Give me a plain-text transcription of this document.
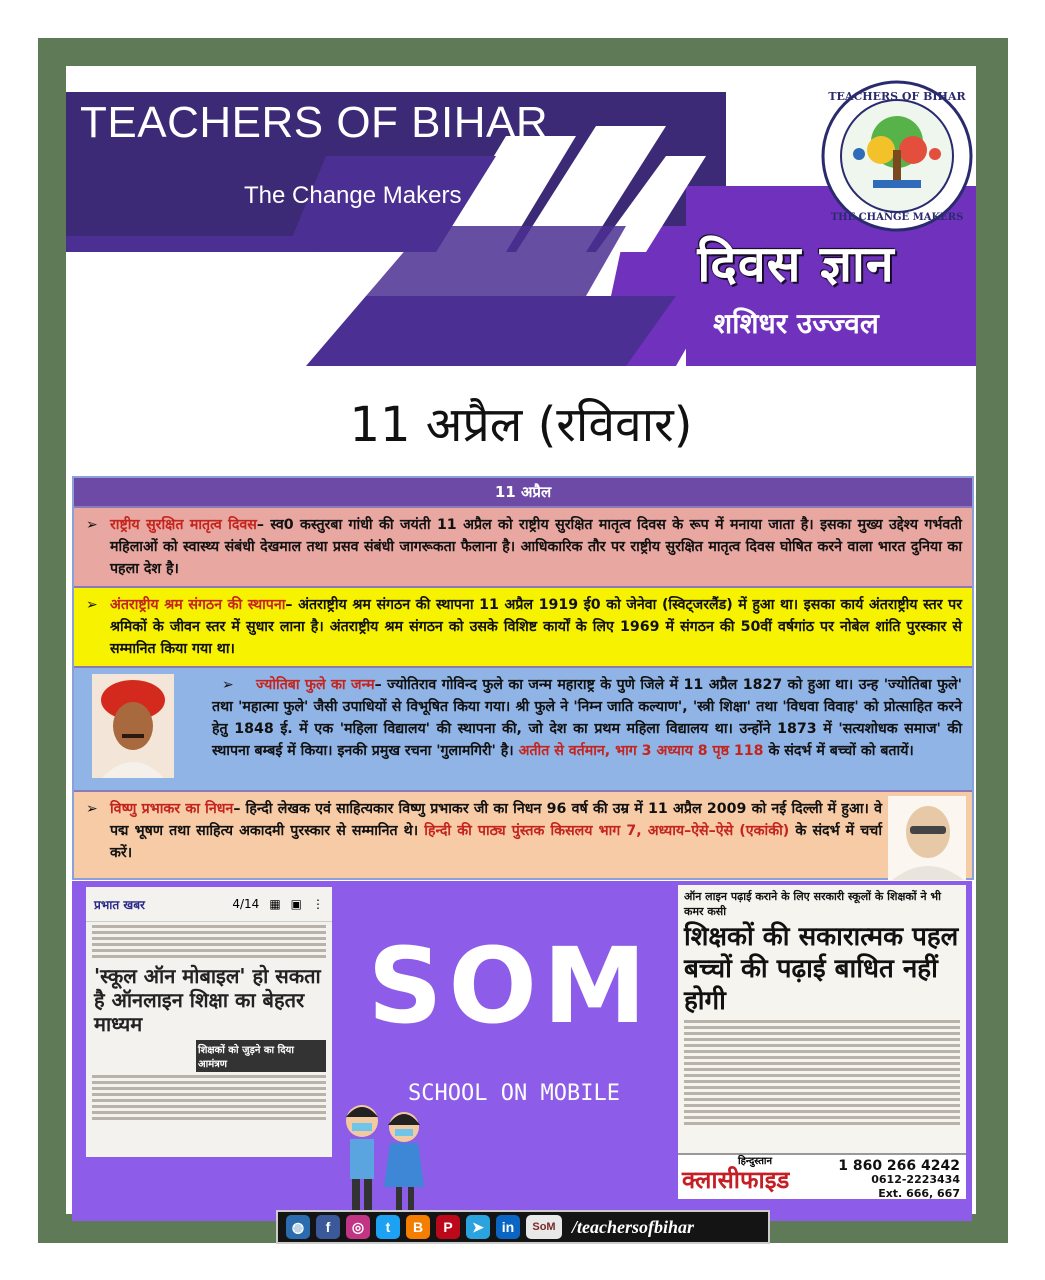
TEACHERS OF BIHAR
The Change Makers
TEACHERS OF BIHAR
THE CHANGE MAKERS
दिवस ज्ञान
शशिधर उज्ज्वल
11 अप्रैल (रविवार)
11 अप्रैल
➢ राष्ट्रीय सुरक्षित मातृत्व दिवस– स्व0 कस्तुरबा गांधी की जयंती 11 अप्रैल को राष्ट्रीय सुरक्षित मातृत्व दिवस के रूप में मनाया जाता है। इसका मुख्य उद्देश्य गर्भवती महिलाओं को स्वास्थ्य संबंधी देखमाल तथा प्रसव संबंधी जागरूकता फैलाना है। आधिकारिक तौर पर राष्ट्रीय सुरक्षित मातृत्व दिवस घोषित करने वाला भारत दुनिया का पहला देश है।
➢ अंतराष्ट्रीय श्रम संगठन की स्थापना– अंतराष्ट्रीय श्रम संगठन की स्थापना 11 अप्रैल 1919 ई0 को जेनेवा (स्विट्जरलैंड) में हुआ था। इसका कार्य अंतराष्ट्रीय स्तर पर श्रमिकों के जीवन स्तर में सुधार लाना है। अंतराष्ट्रीय श्रम संगठन को उसके विशिष्ट कार्यों के लिए 1969 में संगठन की 50वीं वर्षगांठ पर नोबेल शांति पुरस्कार से सम्मानित किया गया था।
➢ ज्योतिबा फुले का जन्म– ज्योतिराव गोविन्द फुले का जन्म महाराष्ट्र के पुणे जिले में 11 अप्रैल 1827 को हुआ था। उन्ह 'ज्योतिबा फुले' तथा 'महात्मा फुले' जैसी उपाधियों से विभूषित किया गया। श्री फुले ने 'निम्न जाति कल्याण', 'स्त्री शिक्षा' तथा 'विधवा विवाह' को प्रोत्साहित करने हेतु 1848 ई. में एक 'महिला विद्यालय' की स्थापना की, जो देश का प्रथम महिला विद्यालय था। उन्होंने 1873 में 'सत्यशोधक समाज' की स्थापना बम्बई में किया। इनकी प्रमुख रचना 'गुलामगिरी' है। अतीत से वर्तमान, भाग 3 अध्याय 8 पृष्ठ 118 के संदर्भ में बच्चों को बतायें।
➢ विष्णु प्रभाकर का निधन– हिन्दी लेखक एवं साहित्यकार विष्णु प्रभाकर जी का निधन 96 वर्ष की उम्र में 11 अप्रैल 2009 को नई दिल्ली में हुआ। वे पद्म भूषण तथा साहित्य अकादमी पुरस्कार से सम्मानित थे। हिन्दी की पाठ्य पुंस्तक किसलय भाग 7, अध्याय–ऐसे–ऐसे (एकांकी) के संदर्भ में चर्चा करें।
प्रभात खबर	4/14 ▦ ▣ ⋮
'स्कूल ऑन मोबाइल' हो सकता है ऑनलाइन शिक्षा का बेहतर माध्यम
शिक्षकों को जुड़ने का दिया आमंत्रण
SOM
SCHOOL ON MOBILE
ऑन लाइन पढ़ाई कराने के लिए सरकारी स्कूलों के शिक्षकों ने भी कमर कसी
शिक्षकों की सकारात्मक पहल बच्चों की पढ़ाई बाधित नहीं होगी
हिन्दुस्तान
क्लासीफाइड	1 860 266 4242
0612-2223434
Ext. 666, 667
◍	f	◎	t	B	P	➤	in	SoM /teachersofbihar
